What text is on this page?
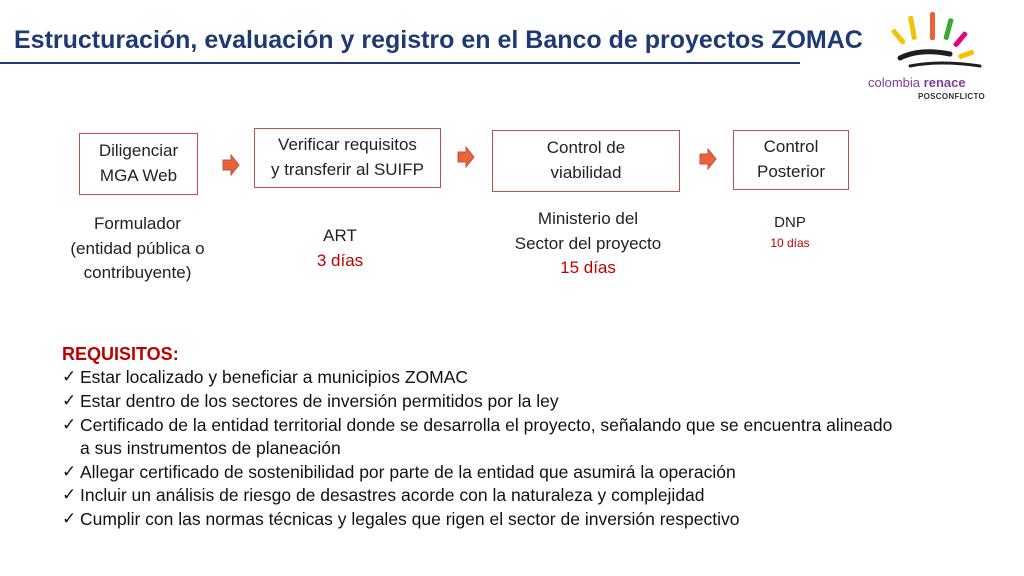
Estructuración, evaluación y registro en el Banco de proyectos ZOMAC
colombia renace
POSCONFLICTO
Diligenciar
MGA Web
Verificar requisitos
y transferir al SUIFP
Control de
viabilidad
Control
Posterior
Formulador
(entidad pública o
contribuyente)
ART
3 días
Ministerio del
Sector del proyecto
15 días
DNP
10 días
REQUISITOS:
✓ Estar localizado y beneficiar a municipios ZOMAC
✓ Estar dentro de los sectores de inversión permitidos por la ley
✓ Certificado de la entidad territorial donde se desarrolla el proyecto, señalando que se encuentra alineado a sus instrumentos de planeación
✓ Allegar certificado de sostenibilidad por parte de la entidad que asumirá la operación
✓ Incluir un análisis de riesgo de desastres acorde con la naturaleza y complejidad
✓ Cumplir con las normas técnicas y legales que rigen el sector de inversión respectivo
